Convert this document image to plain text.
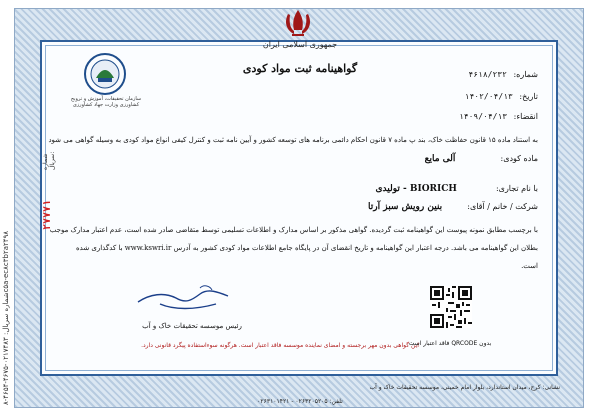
شماره سریال: ۰۲۱۷۴۸۳-۴۶۷۵-۴۶۵۴-۸c۵a-ec۸c۳b۲a۲۴۹۸
جمهوری اسلامی ایران
گواهینامه ثبت مواد کودی
سازمان تحقیقات، آموزش و ترویج کشاورزی وزارت جهاد کشاورزی
شماره: ۴۶۱۸/۲۳۲
تاریخ: ۱۴۰۲/۰۴/۱۳
انقضاء: ۱۴۰۹/۰۴/۱۳
به استناد ماده ۱۵ قانون حفاظت خاک، بند پ ماده ۷ قانون احکام دائمی برنامه های توسعه کشور و آیین نامه ثبت و کنترل کیفی انواع مواد کودی به وسیله گواهی می شود
ماده کودی:  آلی مایع
با نام تجاری:  BIORICH - تولیدی
شرکت / خانم / آقای:  بنین رویش سبز آرتا
با برچسب مطابق نمونه پیوست این گواهینامه ثبت گردیده. گواهی مذکور بر اساس مدارک و اطلاعات تسلیمی توسط متقاضی صادر شده است، عدم اعتبار مدارک موجب
بطلان این گواهینامه می باشد. درجه اعتبار این گواهینامه و تاریخ انقضای آن در پایگاه جامع اطلاعات مواد کودی کشور به آدرس www.kswri.ir با کدگذاری شده
است.
شماره سریال:
۲۷۷۷۱
رئیس موسسه تحقیقات خاک و آب
این گواهی بدون مهر برجسته و امضای نماینده موسسه فاقد اعتبار است. هرگونه سوءاستفاده پیگرد قانونی دارد.
بدون QRCODE فاقد اعتبار است
نشانی: کرج، میدان استاندارد، بلوار امام خمینی، موسسه تحقیقات خاک و آب
تلفن: ۰۲۶۳۲۰۵۲۰۵ - ۰۲۶۳۱۰۱۴۲۱
